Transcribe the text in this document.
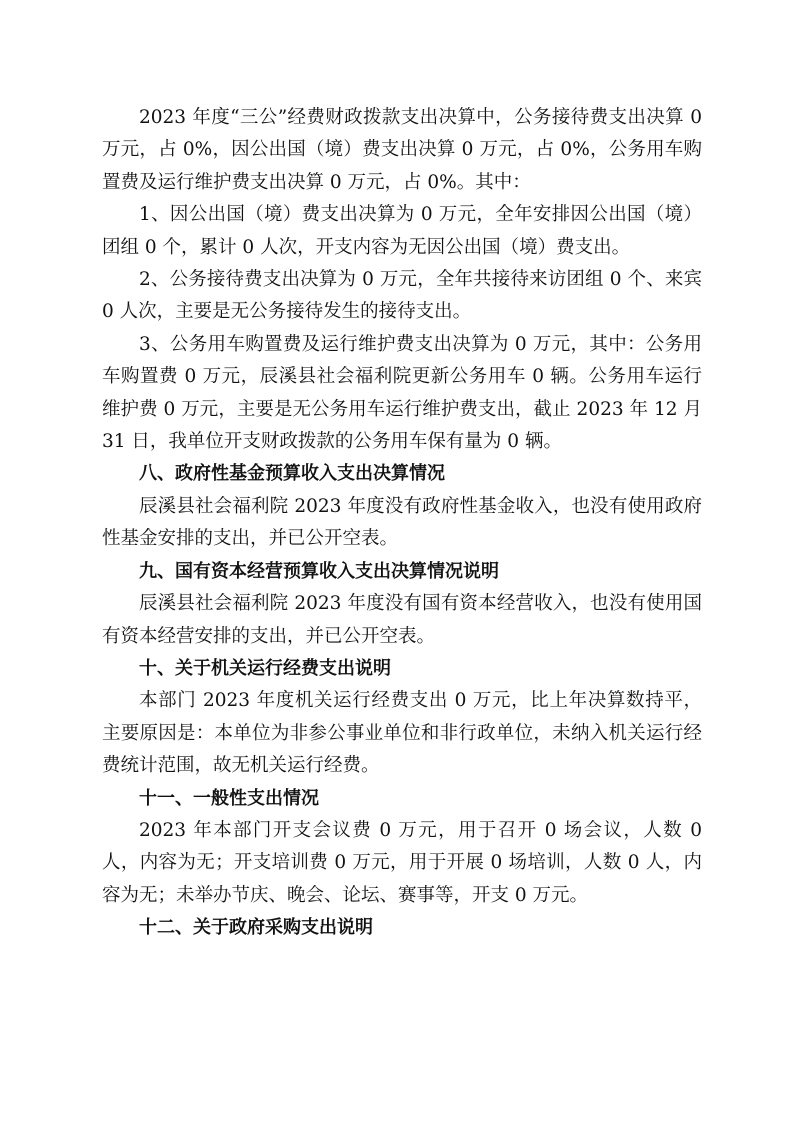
2023 年度“三公”经费财政拨款支出决算中，公务接待费支出决算 0 万元，占 0%，因公出国（境）费支出决算 0 万元，占 0%，公务用车购置费及运行维护费支出决算 0 万元，占 0%。其中：

1、因公出国（境）费支出决算为 0 万元，全年安排因公出国（境）团组 0 个，累计 0 人次，开支内容为无因公出国（境）费支出。

2、公务接待费支出决算为 0 万元，全年共接待来访团组 0 个、来宾 0 人次，主要是无公务接待发生的接待支出。

3、公务用车购置费及运行维护费支出决算为 0 万元，其中：公务用车购置费 0 万元，辰溪县社会福利院更新公务用车 0 辆。公务用车运行维护费 0 万元，主要是无公务用车运行维护费支出，截止 2023 年 12 月 31 日，我单位开支财政拨款的公务用车保有量为 0 辆。

八、政府性基金预算收入支出决算情况

辰溪县社会福利院 2023 年度没有政府性基金收入，也没有使用政府性基金安排的支出，并已公开空表。

九、国有资本经营预算收入支出决算情况说明

辰溪县社会福利院 2023 年度没有国有资本经营收入，也没有使用国有资本经营安排的支出，并已公开空表。

十、关于机关运行经费支出说明

本部门 2023 年度机关运行经费支出 0 万元，比上年决算数持平，主要原因是：本单位为非参公事业单位和非行政单位，未纳入机关运行经费统计范围，故无机关运行经费。

十一、一般性支出情况

2023 年本部门开支会议费 0 万元，用于召开 0 场会议，人数 0 人，内容为无；开支培训费 0 万元，用于开展 0 场培训，人数 0 人，内容为无；未举办节庆、晚会、论坛、赛事等，开支 0 万元。

十二、关于政府采购支出说明
